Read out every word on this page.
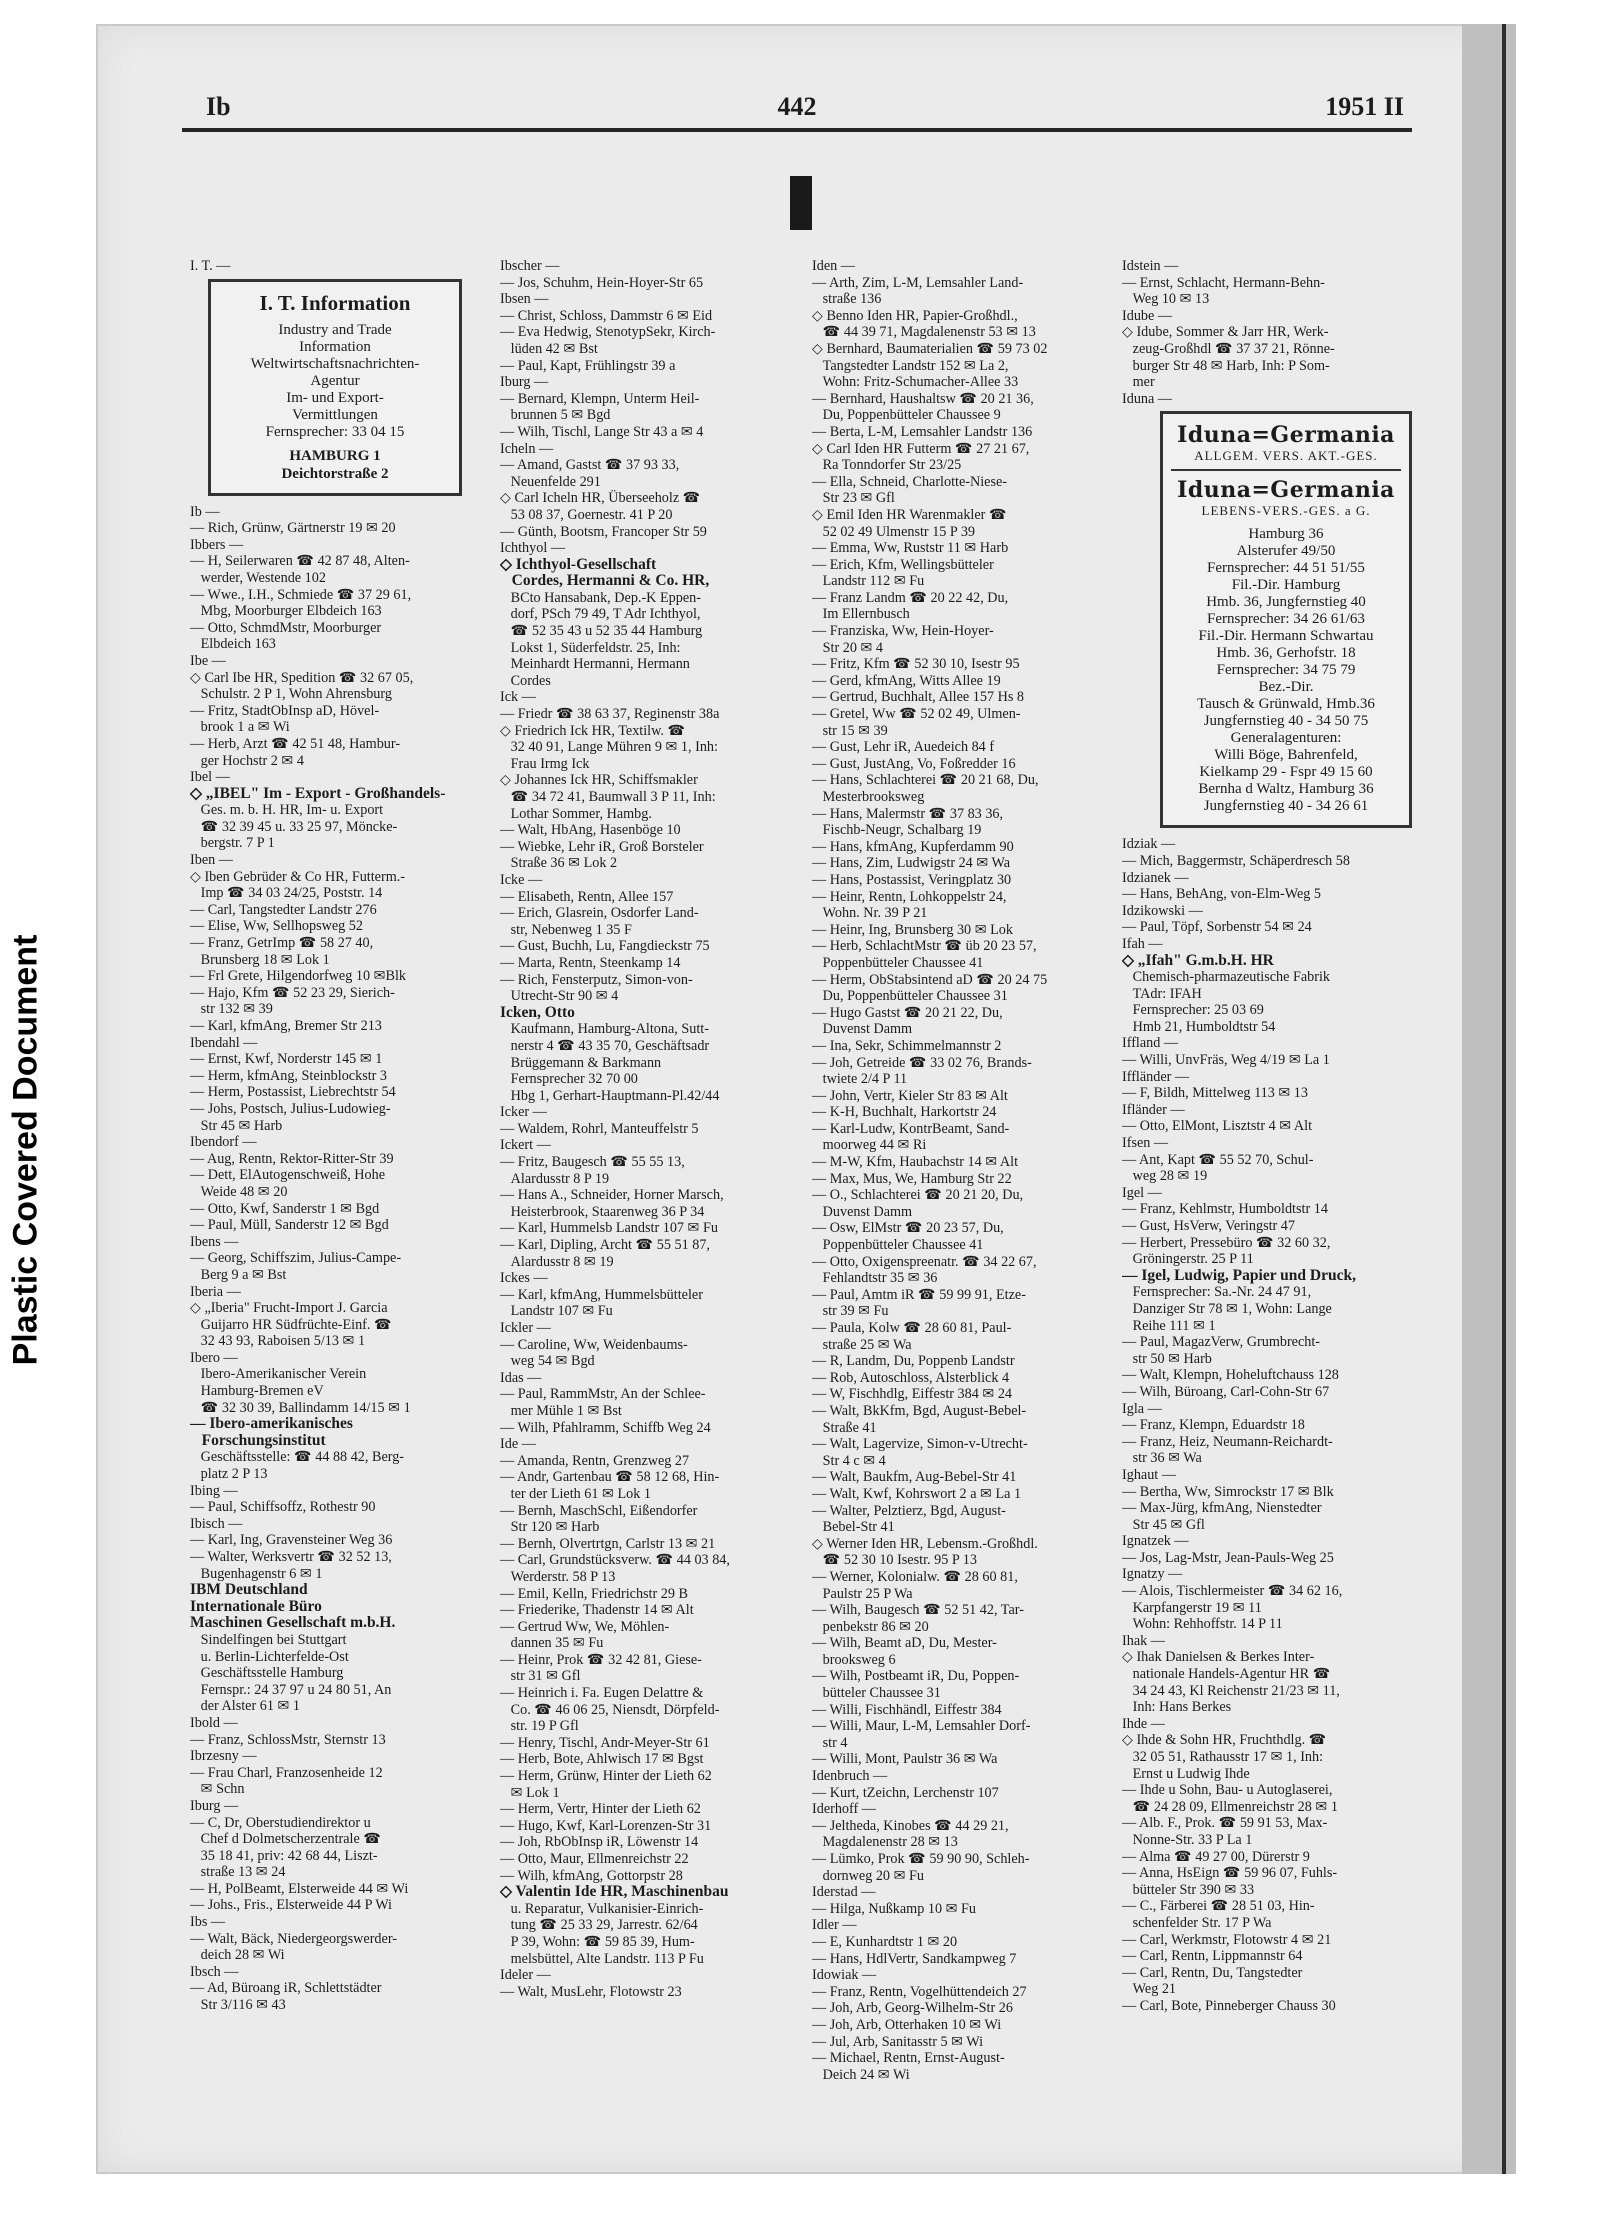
Plastic Covered Document
Ib	442	1951 II
I. T. —
I. T. Information
Industry and Trade
Information
Weltwirtschaftsnachrichten-
Agentur
Im- und Export-
Vermittlungen
Fernsprecher: 33 04 15
HAMBURG 1
Deichtorstraße 2
Ib —
— Rich, Grünw, Gärtnerstr 19 ✉ 20
Ibbers —
— H, Seilerwaren ☎ 42 87 48, Alten-
werder, Westende 102
— Wwe., I.H., Schmiede ☎ 37 29 61,
Mbg, Moorburger Elbdeich 163
— Otto, SchmdMstr, Moorburger
Elbdeich 163
Ibe —
◇ Carl Ibe HR, Spedition ☎ 32 67 05,
Schulstr. 2 P 1, Wohn Ahrensburg
— Fritz, StadtObInsp aD, Hövel-
brook 1 a ✉ Wi
— Herb, Arzt ☎ 42 51 48, Hambur-
ger Hochstr 2 ✉ 4
Ibel —
◇ „IBEL" Im - Export - Großhandels-
Ges. m. b. H. HR, Im- u. Export
☎ 32 39 45 u. 33 25 97, Möncke-
bergstr. 7 P 1
Iben —
◇ Iben Gebrüder & Co HR, Futterm.-
Imp ☎ 34 03 24/25, Poststr. 14
— Carl, Tangstedter Landstr 276
— Elise, Ww, Sellhopsweg 52
— Franz, GetrImp ☎ 58 27 40,
Brunsberg 18 ✉ Lok 1
— Frl Grete, Hilgendorfweg 10 ✉Blk
— Hajo, Kfm ☎ 52 23 29, Sierich-
str 132 ✉ 39
— Karl, kfmAng, Bremer Str 213
Ibendahl —
— Ernst, Kwf, Norderstr 145 ✉ 1
— Herm, kfmAng, Steinblockstr 3
— Herm, Postassist, Liebrechtstr 54
— Johs, Postsch, Julius-Ludowieg-
Str 45 ✉ Harb
Ibendorf —
— Aug, Rentn, Rektor-Ritter-Str 39
— Dett, ElAutogenschweiß, Hohe
Weide 48 ✉ 20
— Otto, Kwf, Sanderstr 1 ✉ Bgd
— Paul, Müll, Sanderstr 12 ✉ Bgd
Ibens —
— Georg, Schiffszim, Julius-Campe-
Berg 9 a ✉ Bst
Iberia —
◇ „Iberia" Frucht-Import J. Garcia
Guijarro HR Südfrüchte-Einf. ☎
32 43 93, Raboisen 5/13 ✉ 1
Ibero —
Ibero-Amerikanischer Verein
Hamburg-Bremen eV
☎ 32 30 39, Ballindamm 14/15 ✉ 1
— Ibero-amerikanisches
Forschungsinstitut
Geschäftsstelle: ☎ 44 88 42, Berg-
platz 2 P 13
Ibing —
— Paul, Schiffsoffz, Rothestr 90
Ibisch —
— Karl, Ing, Gravensteiner Weg 36
— Walter, Werksvertr ☎ 32 52 13,
Bugenhagenstr 6 ✉ 1
IBM Deutschland
Internationale Büro
Maschinen Gesellschaft m.b.H.
Sindelfingen bei Stuttgart
u. Berlin-Lichterfelde-Ost
Geschäftsstelle Hamburg
Fernspr.: 24 37 97 u 24 80 51, An
der Alster 61 ✉ 1
Ibold —
— Franz, SchlossMstr, Sternstr 13
Ibrzesny —
— Frau Charl, Franzosenheide 12
✉ Schn
Iburg —
— C, Dr, Oberstudiendirektor u
Chef d Dolmetscherzentrale ☎
35 18 41, priv: 42 68 44, Liszt-
straße 13 ✉ 24
— H, PolBeamt, Elsterweide 44 ✉ Wi
— Johs., Fris., Elsterweide 44 P Wi
Ibs —
— Walt, Bäck, Niedergeorgswerder-
deich 28 ✉ Wi
Ibsch —
— Ad, Büroang iR, Schlettstädter
Str 3/116 ✉ 43
Ibscher —
— Jos, Schuhm, Hein-Hoyer-Str 65
Ibsen —
— Christ, Schloss, Dammstr 6 ✉ Eid
— Eva Hedwig, StenotypSekr, Kirch-
lüden 42 ✉ Bst
— Paul, Kapt, Frühlingstr 39 a
Iburg —
— Bernard, Klempn, Unterm Heil-
brunnen 5 ✉ Bgd
— Wilh, Tischl, Lange Str 43 a ✉ 4
Icheln —
— Amand, Gastst ☎ 37 93 33,
Neuenfelde 291
◇ Carl Icheln HR, Überseeholz ☎
53 08 37, Goernestr. 41 P 20
— Günth, Bootsm, Francoper Str 59
Ichthyol —
◇ Ichthyol-Gesellschaft
Cordes, Hermanni & Co. HR,
BCto Hansabank, Dep.-K Eppen-
dorf, PSch 79 49, T Adr Ichthyol,
☎ 52 35 43 u 52 35 44 Hamburg
Lokst 1, Süderfeldstr. 25, Inh:
Meinhardt Hermanni, Hermann
Cordes
Ick —
— Friedr ☎ 38 63 37, Reginenstr 38a
◇ Friedrich Ick HR, Textilw. ☎
32 40 91, Lange Mühren 9 ✉ 1, Inh:
Frau Irmg Ick
◇ Johannes Ick HR, Schiffsmakler
☎ 34 72 41, Baumwall 3 P 11, Inh:
Lothar Sommer, Hambg.
— Walt, HbAng, Hasenböge 10
— Wiebke, Lehr iR, Groß Borsteler
Straße 36 ✉ Lok 2
Icke —
— Elisabeth, Rentn, Allee 157
— Erich, Glasrein, Osdorfer Land-
str, Nebenweg 1 35 F
— Gust, Buchh, Lu, Fangdieckstr 75
— Marta, Rentn, Steenkamp 14
— Rich, Fensterputz, Simon-von-
Utrecht-Str 90 ✉ 4
Icken, Otto
Kaufmann, Hamburg-Altona, Sutt-
nerstr 4 ☎ 43 35 70, Geschäftsadr
Brüggemann & Barkmann
Fernsprecher 32 70 00
Hbg 1, Gerhart-Hauptmann-Pl.42/44
Icker —
— Waldem, Rohrl, Manteuffelstr 5
Ickert —
— Fritz, Baugesch ☎ 55 55 13,
Alardusstr 8 P 19
— Hans A., Schneider, Horner Marsch,
Heisterbrook, Staarenweg 36 P 34
— Karl, Hummelsb Landstr 107 ✉ Fu
— Karl, Dipling, Archt ☎ 55 51 87,
Alardusstr 8 ✉ 19
Ickes —
— Karl, kfmAng, Hummelsbütteler
Landstr 107 ✉ Fu
Ickler —
— Caroline, Ww, Weidenbaums-
weg 54 ✉ Bgd
Idas —
— Paul, RammMstr, An der Schlee-
mer Mühle 1 ✉ Bst
— Wilh, Pfahlramm, Schiffb Weg 24
Ide —
— Amanda, Rentn, Grenzweg 27
— Andr, Gartenbau ☎ 58 12 68, Hin-
ter der Lieth 61 ✉ Lok 1
— Bernh, MaschSchl, Eißendorfer
Str 120 ✉ Harb
— Bernh, Olvertrtgn, Carlstr 13 ✉ 21
— Carl, Grundstücksverw. ☎ 44 03 84,
Werderstr. 58 P 13
— Emil, Kelln, Friedrichstr 29 B
— Friederike, Thadenstr 14 ✉ Alt
— Gertrud Ww, We, Möhlen-
dannen 35 ✉ Fu
— Heinr, Prok ☎ 32 42 81, Giese-
str 31 ✉ Gfl
— Heinrich i. Fa. Eugen Delattre &
Co. ☎ 46 06 25, Niensdt, Dörpfeld-
str. 19 P Gfl
— Henry, Tischl, Andr-Meyer-Str 61
— Herb, Bote, Ahlwisch 17 ✉ Bgst
— Herm, Grünw, Hinter der Lieth 62
✉ Lok 1
— Herm, Vertr, Hinter der Lieth 62
— Hugo, Kwf, Karl-Lorenzen-Str 31
— Joh, RbObInsp iR, Löwenstr 14
— Otto, Maur, Ellmenreichstr 22
— Wilh, kfmAng, Gottorpstr 28
◇ Valentin Ide HR, Maschinenbau
u. Reparatur, Vulkanisier-Einrich-
tung ☎ 25 33 29, Jarrestr. 62/64
P 39, Wohn: ☎ 59 85 39, Hum-
melsbüttel, Alte Landstr. 113 P Fu
Ideler —
— Walt, MusLehr, Flotowstr 23
Iden —
— Arth, Zim, L-M, Lemsahler Land-
straße 136
◇ Benno Iden HR, Papier-Großhdl.,
☎ 44 39 71, Magdalenenstr 53 ✉ 13
◇ Bernhard, Baumaterialien ☎ 59 73 02
Tangstedter Landstr 152 ✉ La 2,
Wohn: Fritz-Schumacher-Allee 33
— Bernhard, Haushaltsw ☎ 20 21 36,
Du, Poppenbütteler Chaussee 9
— Berta, L-M, Lemsahler Landstr 136
◇ Carl Iden HR Futterm ☎ 27 21 67,
Ra Tonndorfer Str 23/25
— Ella, Schneid, Charlotte-Niese-
Str 23 ✉ Gfl
◇ Emil Iden HR Warenmakler ☎
52 02 49 Ulmenstr 15 P 39
— Emma, Ww, Ruststr 11 ✉ Harb
— Erich, Kfm, Wellingsbütteler
Landstr 112 ✉ Fu
— Franz Landm ☎ 20 22 42, Du,
Im Ellernbusch
— Franziska, Ww, Hein-Hoyer-
Str 20 ✉ 4
— Fritz, Kfm ☎ 52 30 10, Isestr 95
— Gerd, kfmAng, Witts Allee 19
— Gertrud, Buchhalt, Allee 157 Hs 8
— Gretel, Ww ☎ 52 02 49, Ulmen-
str 15 ✉ 39
— Gust, Lehr iR, Auedeich 84 f
— Gust, JustAng, Vo, Foßredder 16
— Hans, Schlachterei ☎ 20 21 68, Du,
Mesterbrooksweg
— Hans, Malermstr ☎ 37 83 36,
Fischb-Neugr, Schalbarg 19
— Hans, kfmAng, Kupferdamm 90
— Hans, Zim, Ludwigstr 24 ✉ Wa
— Hans, Postassist, Veringplatz 30
— Heinr, Rentn, Lohkoppelstr 24,
Wohn. Nr. 39 P 21
— Heinr, Ing, Brunsberg 30 ✉ Lok
— Herb, SchlachtMstr ☎ üb 20 23 57,
Poppenbütteler Chaussee 41
— Herm, ObStabsintend aD ☎ 20 24 75
Du, Poppenbütteler Chaussee 31
— Hugo Gastst ☎ 20 21 22, Du,
Duvenst Damm
— Ina, Sekr, Schimmelmannstr 2
— Joh, Getreide ☎ 33 02 76, Brands-
twiete 2/4 P 11
— John, Vertr, Kieler Str 83 ✉ Alt
— K-H, Buchhalt, Harkortstr 24
— Karl-Ludw, KontrBeamt, Sand-
moorweg 44 ✉ Ri
— M-W, Kfm, Haubachstr 14 ✉ Alt
— Max, Mus, We, Hamburg Str 22
— O., Schlachterei ☎ 20 21 20, Du,
Duvenst Damm
— Osw, ElMstr ☎ 20 23 57, Du,
Poppenbütteler Chaussee 41
— Otto, Oxigenspreenatr. ☎ 34 22 67,
Fehlandtstr 35 ✉ 36
— Paul, Amtm iR ☎ 59 99 91, Etze-
str 39 ✉ Fu
— Paula, Kolw ☎ 28 60 81, Paul-
straße 25 ✉ Wa
— R, Landm, Du, Poppenb Landstr
— Rob, Autoschloss, Alsterblick 4
— W, Fischhdlg, Eiffestr 384 ✉ 24
— Walt, BkKfm, Bgd, August-Bebel-
Straße 41
— Walt, Lagervize, Simon-v-Utrecht-
Str 4 c ✉ 4
— Walt, Baukfm, Aug-Bebel-Str 41
— Walt, Kwf, Kohrswort 2 a ✉ La 1
— Walter, Pelztierz, Bgd, August-
Bebel-Str 41
◇ Werner Iden HR, Lebensm.-Großhdl.
☎ 52 30 10 Isestr. 95 P 13
— Werner, Kolonialw. ☎ 28 60 81,
Paulstr 25 P Wa
— Wilh, Baugesch ☎ 52 51 42, Tar-
penbekstr 86 ✉ 20
— Wilh, Beamt aD, Du, Mester-
brooksweg 6
— Wilh, Postbeamt iR, Du, Poppen-
bütteler Chaussee 31
— Willi, Fischhändl, Eiffestr 384
— Willi, Maur, L-M, Lemsahler Dorf-
str 4
— Willi, Mont, Paulstr 36 ✉ Wa
Idenbruch —
— Kurt, tZeichn, Lerchenstr 107
Iderhoff —
— Jeltheda, Kinobes ☎ 44 29 21,
Magdalenenstr 28 ✉ 13
— Lümko, Prok ☎ 59 90 90, Schleh-
dornweg 20 ✉ Fu
Iderstad —
— Hilga, Nußkamp 10 ✉ Fu
Idler —
— E, Kunhardtstr 1 ✉ 20
— Hans, HdlVertr, Sandkampweg 7
Idowiak —
— Franz, Rentn, Vogelhüttendeich 27
— Joh, Arb, Georg-Wilhelm-Str 26
— Joh, Arb, Otterhaken 10 ✉ Wi
— Jul, Arb, Sanitasstr 5 ✉ Wi
— Michael, Rentn, Ernst-August-
Deich 24 ✉ Wi
Idstein —
— Ernst, Schlacht, Hermann-Behn-
Weg 10 ✉ 13
Idube —
◇ Idube, Sommer & Jarr HR, Werk-
zeug-Großhdl ☎ 37 37 21, Rönne-
burger Str 48 ✉ Harb, Inh: P Som-
mer
Iduna —
Iduna=Germania
ALLGEM. VERS. AKT.-GES.
Iduna=Germania
LEBENS-VERS.-GES. a G.
Hamburg 36
Alsterufer 49/50
Fernsprecher: 44 51 51/55
Fil.-Dir. Hamburg
Hmb. 36, Jungfernstieg 40
Fernsprecher: 34 26 61/63
Fil.-Dir. Hermann Schwartau
Hmb. 36, Gerhofstr. 18
Fernsprecher: 34 75 79
Bez.-Dir.
Tausch & Grünwald, Hmb.36
Jungfernstieg 40 - 34 50 75
Generalagenturen:
Willi Böge, Bahrenfeld,
Kielkamp 29 - Fspr 49 15 60
Bernha d Waltz, Hamburg 36
Jungfernstieg 40 - 34 26 61
Idziak —
— Mich, Baggermstr, Schäperdresch 58
Idzianek —
— Hans, BehAng, von-Elm-Weg 5
Idzikowski —
— Paul, Töpf, Sorbenstr 54 ✉ 24
Ifah —
◇ „Ifah" G.m.b.H. HR
Chemisch-pharmazeutische Fabrik
TAdr: IFAH
Fernsprecher: 25 03 69
Hmb 21, Humboldtstr 54
Iffland —
— Willi, UnvFräs, Weg 4/19 ✉ La 1
Iffländer —
— F, Bildh, Mittelweg 113 ✉ 13
Ifländer —
— Otto, ElMont, Lisztstr 4 ✉ Alt
Ifsen —
— Ant, Kapt ☎ 55 52 70, Schul-
weg 28 ✉ 19
Igel —
— Franz, Kehlmstr, Humboldtstr 14
— Gust, HsVerw, Veringstr 47
— Herbert, Pressebüro ☎ 32 60 32,
Gröningerstr. 25 P 11
— Igel, Ludwig, Papier und Druck,
Fernsprecher: Sa.-Nr. 24 47 91,
Danziger Str 78 ✉ 1, Wohn: Lange
Reihe 111 ✉ 1
— Paul, MagazVerw, Grumbrecht-
str 50 ✉ Harb
— Walt, Klempn, Hoheluftchauss 128
— Wilh, Büroang, Carl-Cohn-Str 67
Igla —
— Franz, Klempn, Eduardstr 18
— Franz, Heiz, Neumann-Reichardt-
str 36 ✉ Wa
Ighaut —
— Bertha, Ww, Simrockstr 17 ✉ Blk
— Max-Jürg, kfmAng, Nienstedter
Str 45 ✉ Gfl
Ignatzek —
— Jos, Lag-Mstr, Jean-Pauls-Weg 25
Ignatzy —
— Alois, Tischlermeister ☎ 34 62 16,
Karpfangerstr 19 ✉ 11
Wohn: Rehhoffstr. 14 P 11
Ihak —
◇ Ihak Danielsen & Berkes Inter-
nationale Handels-Agentur HR ☎
34 24 43, Kl Reichenstr 21/23 ✉ 11,
Inh: Hans Berkes
Ihde —
◇ Ihde & Sohn HR, Fruchthdlg. ☎
32 05 51, Rathausstr 17 ✉ 1, Inh:
Ernst u Ludwig Ihde
— Ihde u Sohn, Bau- u Autoglaserei,
☎ 24 28 09, Ellmenreichstr 28 ✉ 1
— Alb. F., Prok. ☎ 59 91 53, Max-
Nonne-Str. 33 P La 1
— Alma ☎ 49 27 00, Dürerstr 9
— Anna, HsEign ☎ 59 96 07, Fuhls-
bütteler Str 390 ✉ 33
— C., Färberei ☎ 28 51 03, Hin-
schenfelder Str. 17 P Wa
— Carl, Werkmstr, Flotowstr 4 ✉ 21
— Carl, Rentn, Lippmannstr 64
— Carl, Rentn, Du, Tangstedter
Weg 21
— Carl, Bote, Pinneberger Chauss 30
